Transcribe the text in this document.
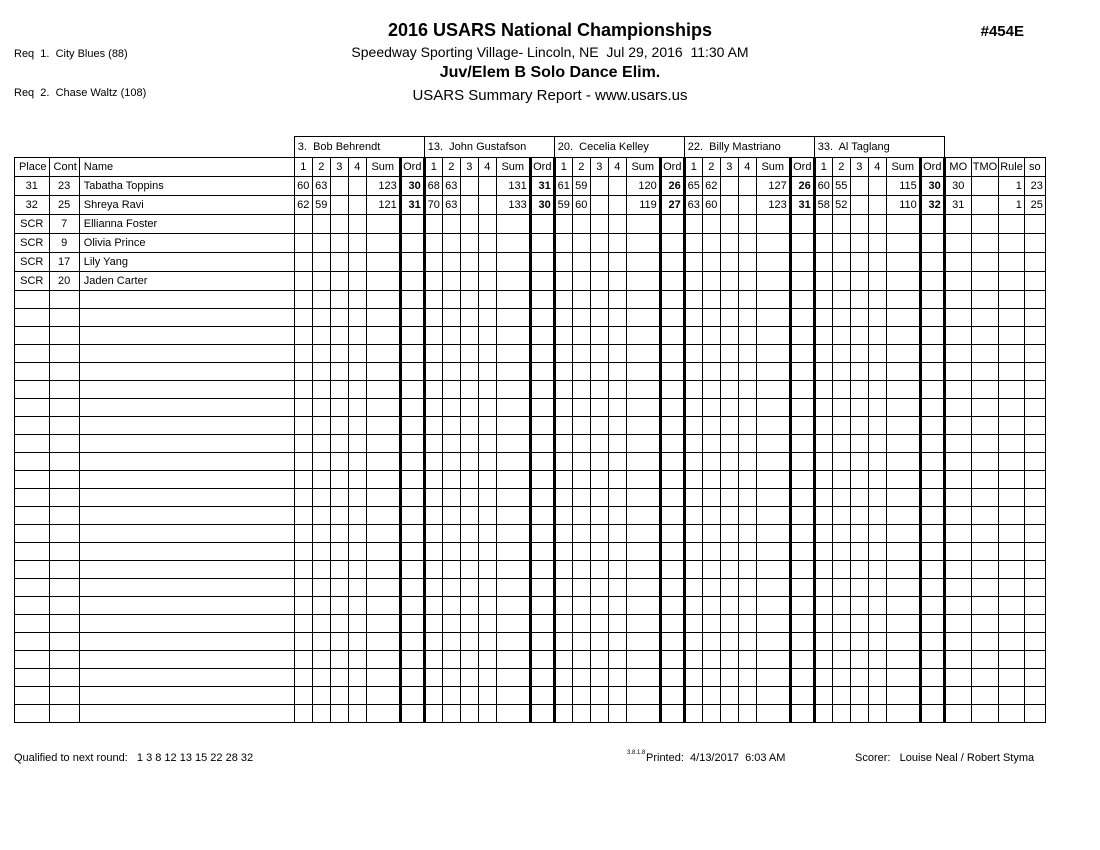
Req  1.  City Blues (88)

Req  2.  Chase Waltz (108)

2016 USARS National Championships
Speedway Sporting Village- Lincoln, NE  Jul 29, 2016  11:30 AM
Juv/Elem B Solo Dance Elim.
USARS Summary Report - www.usars.us
#454E
			3.  Bob Behrendt						13.  John Gustafson						20.  Cecelia Kelley						22.  Billy Mastriano						33.  Al Taglang									
Place	Cont	Name	1	2	3	4	Sum	Ord	1	2	3	4	Sum	Ord	1	2	3	4	Sum	Ord	1	2	3	4	Sum	Ord	1	2	3	4	Sum	Ord	MO	TMO	Rule	so
31	23	Tabatha Toppins	60	63			123	30	68	63			131	31	61	59			120	26	65	62			127	26	60	55			115	30	30		1	23
32	25	Shreya Ravi	62	59			121	31	70	63			133	30	59	60			119	27	63	60			123	31	58	52			110	32	31		1	25
SCR	7	Ellianna Foster																																		
SCR	9	Olivia Prince																																		
SCR	17	Lily Yang																																		
SCR	20	Jaden Carter																																		

Qualified to next round:   1 3 8 12 13 15 22 28 32	3.8.1.8 Printed:  4/13/2017  6:03 AM	Scorer:   Louise Neal / Robert Styma
